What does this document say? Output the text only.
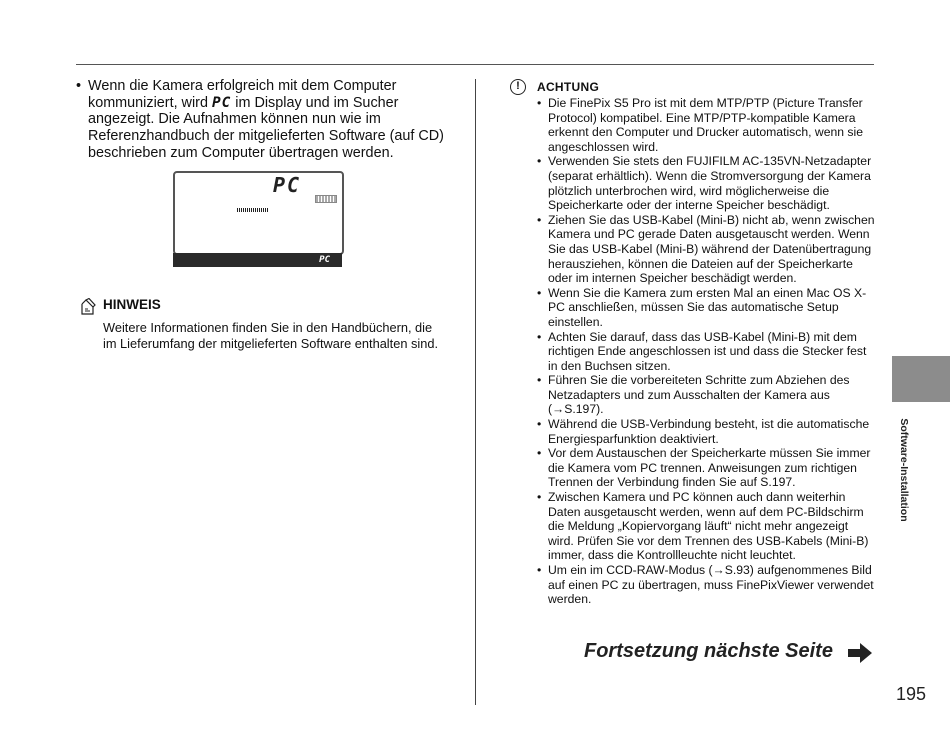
• Wenn die Kamera erfolgreich mit dem Computer kommuniziert, wird PC im Display und im Sucher angezeigt. Die Aufnahmen können nun wie im Referenzhandbuch der mitgelieferten Software (auf CD) beschrieben zum Computer übertragen werden.
PC
PC
HINWEIS
Weitere Informationen finden Sie in den Handbüchern, die im Lieferumfang der mitgelieferten Software enthalten sind.
!	ACHTUNG
• Die FinePix S5 Pro ist mit dem MTP/PTP (Picture Transfer Protocol) kompatibel. Eine MTP/PTP-kompatible Kamera erkennt den Computer und Drucker automatisch, wenn sie angeschlossen wird.
• Verwenden Sie stets den FUJIFILM AC-135VN-Netzadapter (separat erhältlich). Wenn die Stromversorgung der Kamera plötzlich unterbrochen wird, wird möglicherweise die Speicherkarte oder der interne Speicher beschädigt.
• Ziehen Sie das USB-Kabel (Mini-B) nicht ab, wenn zwischen Kamera und PC gerade Daten ausgetauscht werden. Wenn Sie das USB-Kabel (Mini-B) während der Datenübertragung herausziehen, können die Dateien auf der Speicherkarte oder im internen Speicher beschädigt werden.
• Wenn Sie die Kamera zum ersten Mal an einen Mac OS X-PC anschließen, müssen Sie das automatische Setup einstellen.
• Achten Sie darauf, dass das USB-Kabel (Mini-B) mit dem richtigen Ende angeschlossen ist und dass die Stecker fest in den Buchsen sitzen.
• Führen Sie die vorbereiteten Schritte zum Abziehen des Netzadapters und zum Ausschalten der Kamera aus (→S.197).
• Während die USB-Verbindung besteht, ist die automatische Energiesparfunktion deaktiviert.
• Vor dem Austauschen der Speicherkarte müssen Sie immer die Kamera vom PC trennen. Anweisungen zum richtigen Trennen der Verbindung finden Sie auf S.197.
• Zwischen Kamera und PC können auch dann weiterhin Daten ausgetauscht werden, wenn auf dem PC-Bildschirm die Meldung „Kopiervorgang läuft“ nicht mehr angezeigt wird. Prüfen Sie vor dem Trennen des USB-Kabels (Mini-B) immer, dass die Kontrollleuchte nicht leuchtet.
• Um ein im CCD-RAW-Modus (→S.93) aufgenommenes Bild auf einen PC zu übertragen, muss FinePixViewer verwendet werden.
Fortsetzung nächste Seite
Software-Installation
195
